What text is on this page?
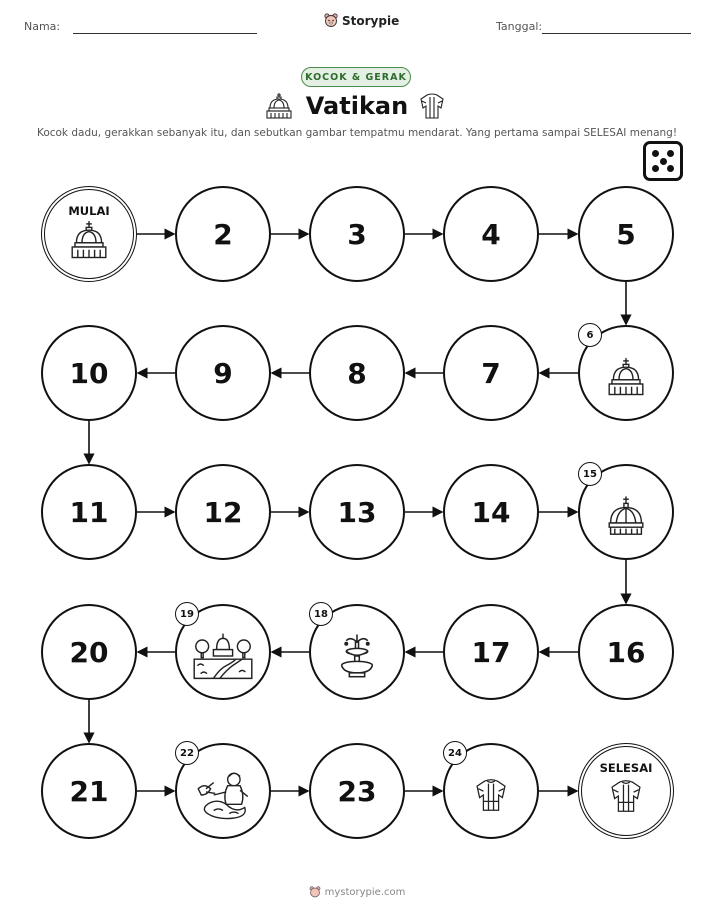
Nama:	Storypie	Tanggal:
KOCOK & GERAK
Vatikan
Kocok dadu, gerakkan sebanyak itu, dan sebutkan gambar tempatmu mendarat. Yang pertama sampai SELESAI menang!
MULAI
2	3	4	5
6
7
8
9
10
11	12	13	14
15
16
17
18
19
20
21
22
23
24
SELESAI
mystorypie.com
